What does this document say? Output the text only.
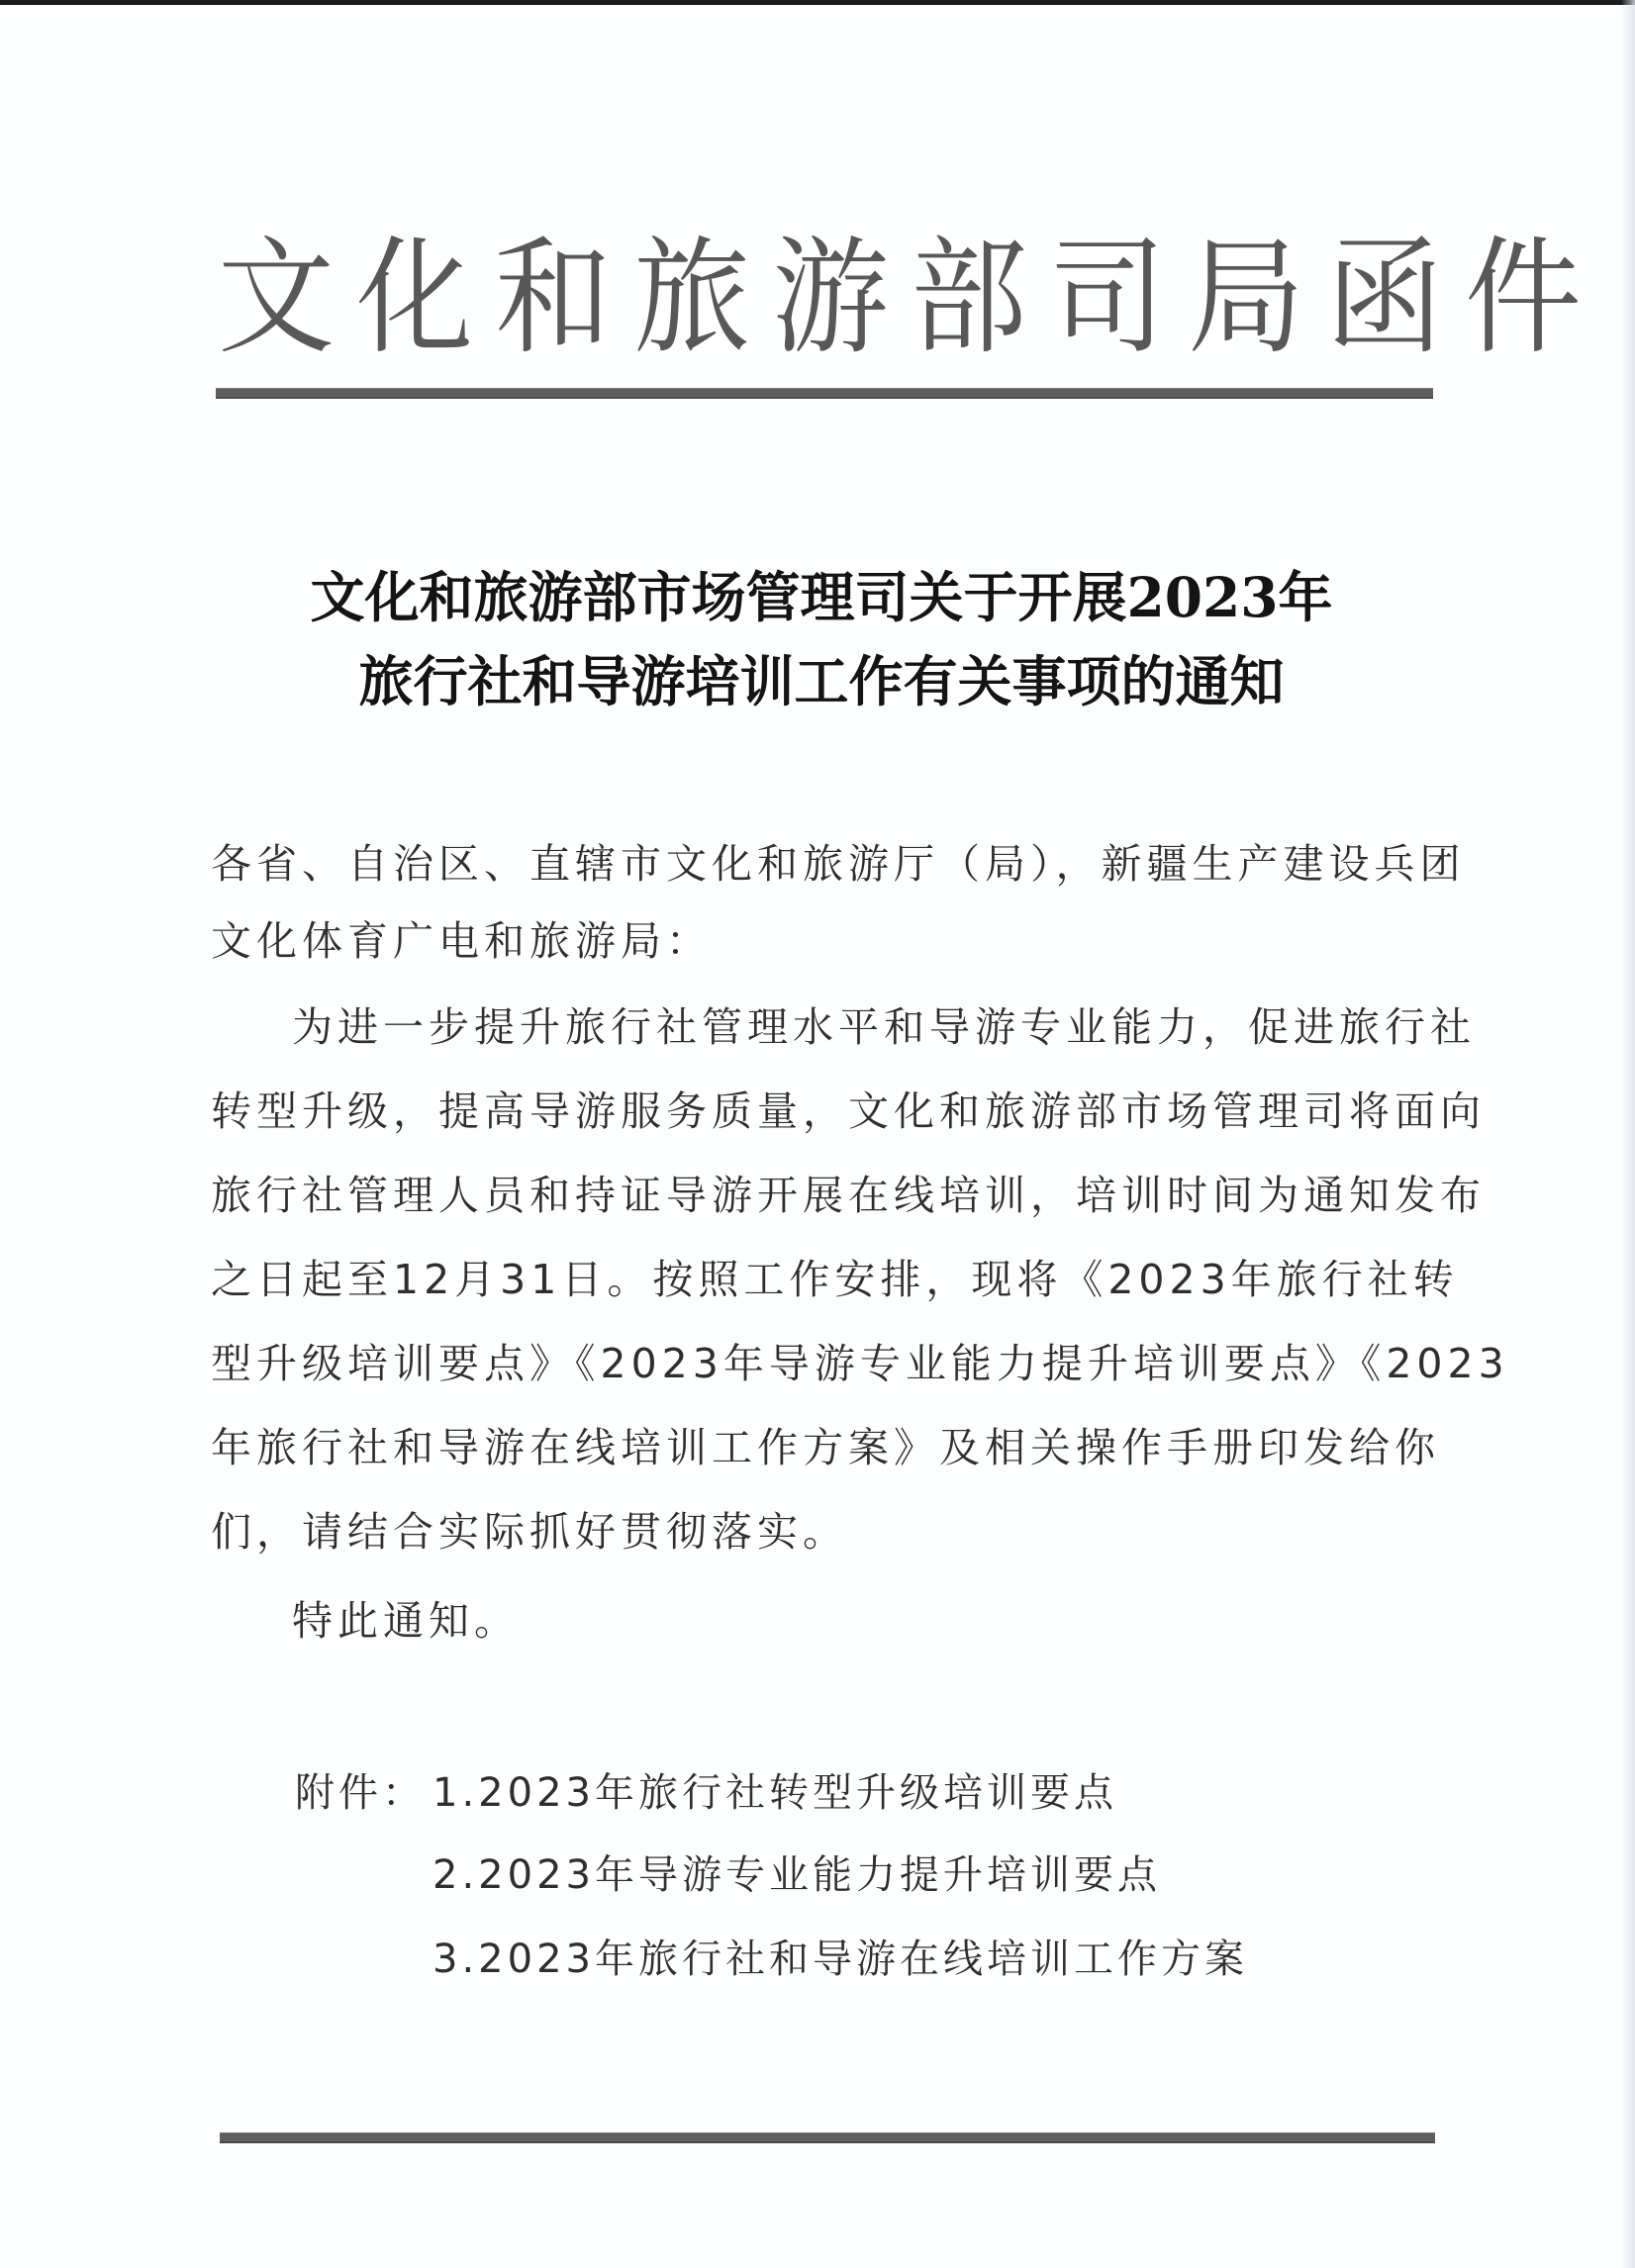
文化和旅游部司局函件
文化和旅游部市场管理司关于开展2023年
旅行社和导游培训工作有关事项的通知
各省、自治区、直辖市文化和旅游厅（局），新疆生产建设兵团
文化体育广电和旅游局：
为进一步提升旅行社管理水平和导游专业能力，促进旅行社
转型升级，提高导游服务质量，文化和旅游部市场管理司将面向
旅行社管理人员和持证导游开展在线培训，培训时间为通知发布
之日起至12月31日。按照工作安排，现将《2023年旅行社转
型升级培训要点》《2023年导游专业能力提升培训要点》《2023
年旅行社和导游在线培训工作方案》及相关操作手册印发给你
们，请结合实际抓好贯彻落实。
特此通知。
附件： 1.2023年旅行社转型升级培训要点
2.2023年导游专业能力提升培训要点
3.2023年旅行社和导游在线培训工作方案
